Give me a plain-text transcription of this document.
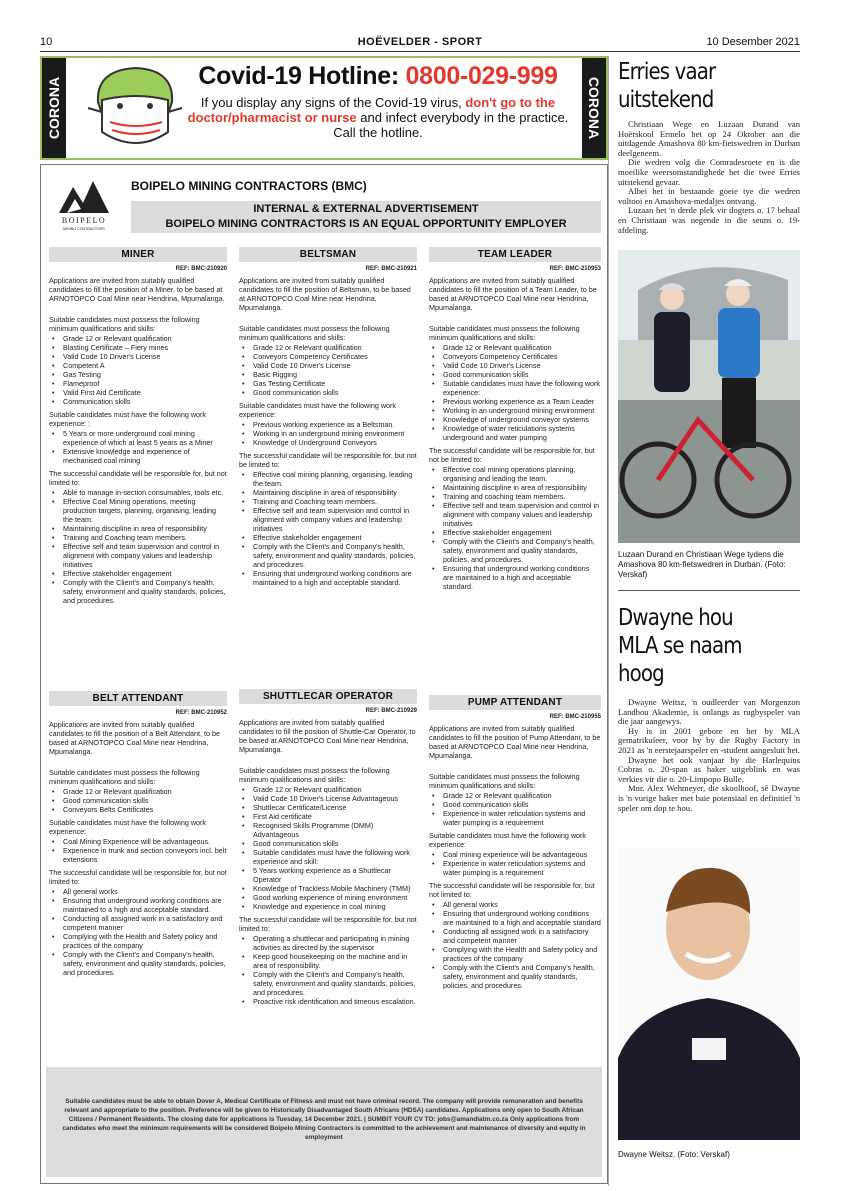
10	HOËVELDER - SPORT	10 Desember 2021
CORONA	CORONA
Covid-19 Hotline: 0800-029-999
If you display any signs of the Covid-19 virus, don't go to the doctor/pharmacist or nurse and infect everybody in the practice.
Call the hotline.
BOIPELO
MINING CONTRACTORS
BOIPELO MINING CONTRACTORS (BMC)
INTERNAL & EXTERNAL ADVERTISEMENT
BOIPELO MINING CONTRACTORS IS AN EQUAL OPPORTUNITY EMPLOYER
MINER
REF: BMC-210920

Applications are invited from suitably qualified candidates to fill the position of a Miner, to be based at ARNOTOPCO Coal Mine near Hendrina, Mpumalanga.

Suitable candidates must possess the following minimum qualifications and skills:

• Grade 12 or Relevant qualification
• Blasting Certificate – Fiery mines
• Valid Code 10 Driver's License
• Competent A
• Gas Testing
• Flameproof
• Valid First Aid Certificate
• Communication skills

Suitable candidates must have the following work experience: :

• 5 Years or more underground coal mining experience of which at least 5 years as a Miner
• Extensive knowledge and experience of mechanised coal mining

The successful candidate will be responsible for, but not limited to:

• Able to manage in-section consumables, tools etc.
• Effective Coal Mining operations, meeting production targets, planning, organising, leading the team.
• Maintaining discipline in area of responsibility
• Training and Coaching team members.
• Effective self and team supervision and control in alignment with company values and leadership initiatives
• Effective stakeholder engagement
• Comply with the Client's and Company's health, safety, environment and quality standards, policies, and procedures.
BELTSMAN
REF: BMC-210921

Applications are invited from suitably qualified candidates to fill the position of Beltsman, to be based at ARNOTOPCO Coal Mine near Hendrina, Mpumalanga.

Suitable candidates must possess the following minimum qualifications and skills:

• Grade 12 or Relevant qualification
• Conveyors Competency Certificates
• Valid Code 10 Driver's License
• Basic Rigging
• Gas Testing Certificate
• Good communication skills

Suitable candidates must have the following work experience:

• Previous working experience as a Beltsman.
• Working in an underground mining environment
• Knowledge of Underground Conveyors

The successful candidate will be responsible for, but not be limited to:

• Effective coal mining planning, organising, leading the team.
• Maintaining discipline in area of responsibility
• Training and Coaching team members.
• Effective self and team supervision and control in alignment with company values and leadership initiatives
• Effective stakeholder engagement
• Comply with the Client's and Company's health, safety, environment and quality standards, policies, and procedures.
• Ensuring that underground working conditions are maintained to a high and acceptable standard.
TEAM LEADER
REF: BMC-210953

Applications are invited from suitably qualified candidates to fill the position of a Team Leader, to be based at ARNOTOPCO Coal Mine near Hendrina, Mpumalanga.

Suitable candidates must possess the following minimum qualifications and skills:

• Grade 12 or Relevant qualification
• Conveyors Competency Certificates
• Valid Code 10 Driver's License
• Good communication skills
• Suitable candidates must have the following work experience:
• Previous working experience as a Team Leader
• Working in an underground mining environment
• Knowledge of underground conveyor systems
• Knowledge of water reticulations systems underground and water pumping

The successful candidate will be responsible for, but not be limited to:

• Effective coal mining operations planning, organising and leading the team.
• Maintaining discipline in area of responsibility
• Training and coaching team members.
• Effective self and team supervision and control in alignment with company values and leadership initiatives
• Effective stakeholder engagement
• Comply with the Client's and Company's health, safety, environment and quality standards, policies, and procedures.
• Ensuring that underground working conditions are maintained to a high and acceptable standard.
BELT ATTENDANT
REF: BMC-210952

Applications are invited from suitably qualified candidates to fill the position of a Belt Attendant, to be based at ARNOTOPCO Coal Mine near Hendrina, Mpumalanga.

Suitable candidates must possess the following minimum qualifications and skills:

• Grade 12 or Relevant qualification
• Good communication skills
• Conveyors Belts Certificates

Suitable candidates must have the following work experience:

• Coal Mining Experience will be advantageous.
• Experience in trunk and section conveyors incl. belt extensions

The successful candidate will be responsible for, but not limited to:

• All general works
• Ensuring that underground working conditions are maintained to a high and acceptable standard.
• Conducting all assigned work in a satisfactory and competent manner
• Complying with the Health and Safety policy and practices of the company
• Comply with the Client's and Company's health, safety, environment and quality standards, policies, and procedures.
SHUTTLECAR OPERATOR
REF: BMC-210929

Applications are invited from suitably qualified candidates to fill the position of Shuttle-Car Operator, to be based at ARNOTOPCO Coal Mine near Hendrina, Mpumalanga.

Suitable candidates must possess the following minimum qualifications and skills:

• Grade 12 or Relevant qualification
• Valid Code 10 Driver's License Advantageous
• Shuttlecar Certificate/License
• First Aid certificate
• Recognised Skills Programme (DMM) Advantageous
• Good communication skills
• Suitable candidates must have the following work experience and skill:
• 5 Years working experience as a Shuttlecar Operator
• Knowledge of Trackless Mobile Machinery (TMM)
• Good working experience of mining environment
• Knowledge and experience in coal mining

The successful candidate will be responsible for, but not limited to:

• Operating a shuttlecar and participating in mining activities as directed by the supervisor
• Keep good housekeeping on the machine and in area of responsibility.
• Comply with the Client's and Company's health, safety, environment and quality standards, policies, and procedures.
• Proactive risk identification and timeous escalation.
PUMP ATTENDANT
REF: BMC-210955

Applications are invited from suitably qualified candidates to fill the position of Pump Attendant, to be based at ARNOTOPCO Coal Mine near Hendrina, Mpumalanga.

Suitable candidates must possess the following minimum qualifications and skills:

• Grade 12 or Relevant qualification
• Good communication skills
• Experience in water reticulation systems and water pumping is a requirement

Suitable candidates must have the following work experience:

• Coal mining experience will be advantageous
• Experience in water reticulation systems and water pumping is a requirement

The successful candidate will be responsible for, but not limited to:

• All general works
• Ensuring that underground working conditions are maintained to a high and acceptable standard
• Conducting all assigned work in a satisfactory and competent manner
• Complying with the Health and Safety policy and practices of the company
• Comply with the Client's and Company's health, safety, environment and quality standards, policies, and procedures.
Suitable candidates must be able to obtain Dover A, Medical Certificate of Fitness and must not have criminal record. The company will provide remuneration and benefits relevant and appropriate to the position. Preference will be given to Historically Disadvantaged South Africans (HDSA) candidates. Applications only open to South African Citizens / Permanent Residents. The closing date for applications is Tuesday, 14 December 2021. | SUMBIT YOUR CV TO: jobs@amandlatm.co.za Only applications from candidates who meet the minimum requirements will be considered Boipelo Mining Contractors is committed to the achievement and maintenance of diversity and equity in employment
Erries vaar uitstekend

Christiaan Wege en Luzaan Durand van Hoërskool Ermelo het op 24 Oktober aan die uitdagende Amashova 80 km-fietswedren in Durban deelgeneem.

Die wedren volg die Comradesroete en is die moeilike weersomstandighede het die twee Erries uitstekend gevaar.

Albei het in bestaande goeie tye die wedren voltooi en Amashova-medaljes ontvang.

Luzaan het 'n derde plek vir dogters o. 17 behaal en Christiaan was negende in die seuns o. 19-afdeling.

Luzaan Durand en Christiaan Wege tydens die Amashova 80 km-fietswedren in Durban. (Foto: Verskaf)
Dwayne hou MLA se naam hoog

Dwayne Weitsz, 'n oudleerder van Morgenzon Landbou Akademie, is onlangs as rugbyspeler van die jaar aangewys.

Hy is in 2001 gebore en het by MLA gematrikuleer, voor hy by die Rugby Factory in 2021 as 'n eerstejaarspeler en -student aangesluit het.

Dwayne het ook vanjaar by die Harlequins Cobras o. 20-span as haker uitgeblink en was verkies vir die o. 20-Limpopo Bulle.

Mnr. Alex Wehmeyer, die skoolhoof, sê Dwayne is 'n vurige haker met baie potensiaal en definitief 'n speler om dop te hou.

Dwayne Weitsz. (Foto: Verskaf)
